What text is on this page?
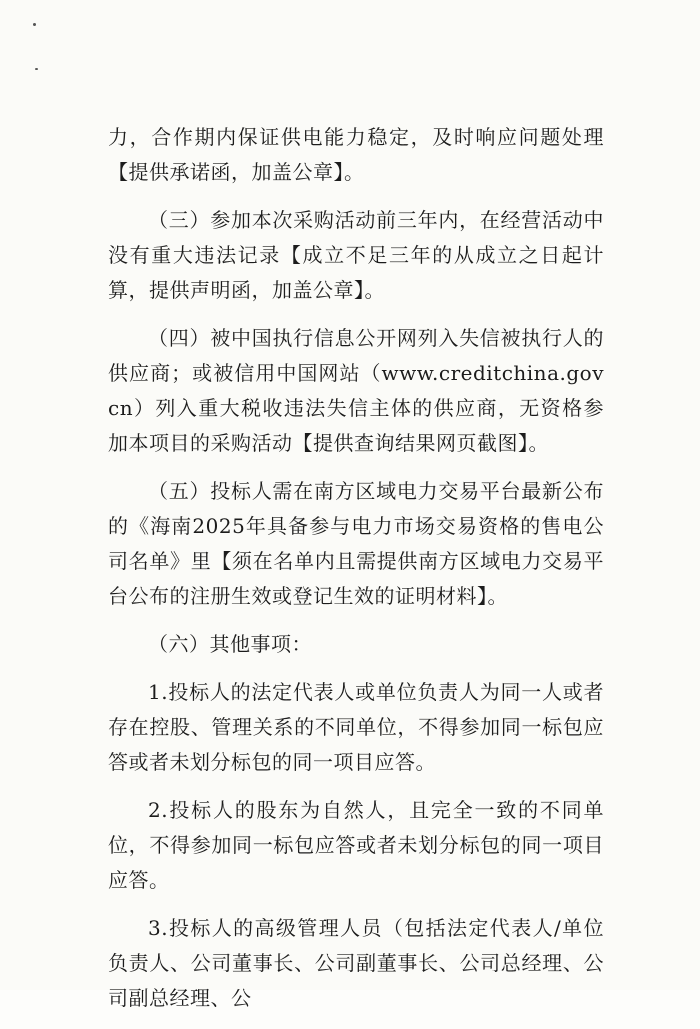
力，合作期内保证供电能力稳定，及时响应问题处理【提供承诺函，加盖公章】。

（三）参加本次采购活动前三年内，在经营活动中没有重大违法记录【成立不足三年的从成立之日起计算，提供声明函，加盖公章】。

（四）被中国执行信息公开网列入失信被执行人的供应商；或被信用中国网站（www.creditchina.govcn）列入重大税收违法失信主体的供应商，无资格参加本项目的采购活动【提供查询结果网页截图】。

（五）投标人需在南方区域电力交易平台最新公布的《海南2025年具备参与电力市场交易资格的售电公司名单》里【须在名单内且需提供南方区域电力交易平台公布的注册生效或登记生效的证明材料】。

（六）其他事项：

1.投标人的法定代表人或单位负责人为同一人或者存在控股、管理关系的不同单位，不得参加同一标包应答或者未划分标包的同一项目应答。

2.投标人的股东为自然人，且完全一致的不同单位，不得参加同一标包应答或者未划分标包的同一项目应答。

3.投标人的高级管理人员（包括法定代表人/单位负责人、公司董事长、公司副董事长、公司总经理、公司副总经理、公
